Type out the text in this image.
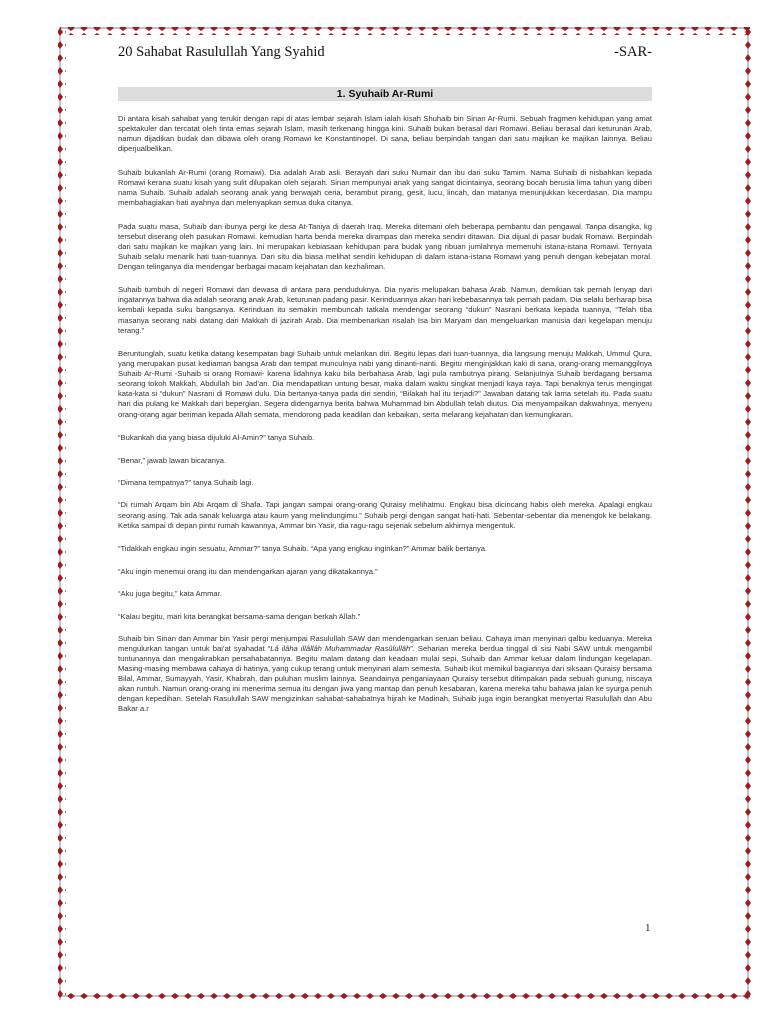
20 Sahabat Rasulullah Yang Syahid	-SAR-
1. Syuhaib Ar-Rumi

Di antara kisah sahabat yang terukir dengan rapi di atas lembar sejarah Islam ialah kisah Shuhaib bin Sinan Ar-Rumi. Sebuah fragmen kehidupan yang amat spektakuler dan tercatat oleh tinta emas sejarah Islam, masih terkenang hingga kini. Suhaib bukan berasal dari Romawi. Beliau berasal dari keturunan Arab, namun dijadikan budak dan dibawa oleh orang Romawi ke Konstantinopel. Di sana, beliau berpindah tangan dari satu majikan ke majikan lainnya. Beliau diperjualbelikan.

Suhaib bukanlah Ar-Rumi (orang Romawi). Dia adalah Arab asli. Berayah dari suku Numair dan ibu dari suku Tamim. Nama Suhaib di nisbahkan kepada Romawi kerana suatu kisah yang sulit dilupakan oleh sejarah. Sinan mempunyai anak yang sangat dicintainya, seorang bocah berusia lima tahun yang diberi nama Suhaib. Suhaib adalah seorang anak yang berwajah ceria, berambut pirang, gesit, lucu, lincah, dan matanya menunjukkan kecerdasan. Dia mampu membahagiakan hati ayahnya dan melenyapkan semua duka citanya.

Pada suatu masa, Suhaib dan ibunya pergi ke desa At-Taniya di daerah Iraq. Mereka ditemani oleh beberapa pembantu dan pengawal. Tanpa disangka, kg tersebut diserang oleh pasukan Romawi. kemudian harta benda mereka dirampas dan mereka sendiri ditawan. Dia dijual di pasar budak Romawi. Berpindah dari satu majikan ke majikan yang lain. Ini merupakan kebiasaan kehidupan para budak yang ribuan jumlahnya memenuhi istana-istana Romawi. Ternyata Suhaib selalu menarik hati tuan-tuannya. Dari situ dia biasa melihat sendiri kehidupan di dalam istana-istana Romawi yang penuh dengan kebejatan moral. Dengan telinganya dia mendengar berbagai macam kejahatan dan kezhaliman.

Suhaib tumbuh di negeri Romawi dan dewasa di antara para penduduknya. Dia nyaris melupakan bahasa Arab. Namun, demikian tak pernah lenyap dari ingatannya bahwa dia adalah seorang anak Arab, keturunan padang pasir. Kerinduannya akan hari kebebasannya tak pernah padam. Dia selalu berharap bisa kembali kepada suku bangsanya. Kerinduan itu semakin membuncah tatkala mendengar seorang “dukun” Nasrani berkata kepada tuannya, “Telah tiba masanya seorang nabi datang dari Makkah di jazirah Arab. Dia membenarkan risalah Isa bin Maryam dan mengeluarkan manusia dari kegelapan menuju terang.”

Beruntunglah, suatu ketika datang kesempatan bagi Suhaib untuk melarikan diri. Begitu lepas dari tuan-tuannya, dia langsung menuju Makkah, Ummul Qura, yang merupakan pusat kediaman bangsa Arab dan tempat munculnya nabi yang dinanti-nanti. Begitu menginjakkan kaki di sana, orang-orang memanggilnya Suhaib Ar-Rumi -Suhaib si orang Romawi- karena lidahnya kaku bila berbahasa Arab, lagi pula rambutnya pirang. Selanjutnya Suhaib berdagang bersama seorang tokoh Makkah, Abdullah bin Jad’an. Dia mendapatkan untung besar, maka dalam waktu singkat menjadi kaya raya. Tapi benaknya terus mengingat kata-kata si “dukun” Nasrani di Romawi dulu. Dia bertanya-tanya pada diri sendiri, “Bilakah hal itu terjadi?” Jawaban datang tak lama setelah itu. Pada suatu hari dia pulang ke Makkah dari bepergian. Segera didengarnya berita bahwa Muhammad bin Abdullah telah diutus. Dia menyampaikan dakwahnya, menyeru orang-orang agar beriman kepada Allah semata, mendorong pada keadilan dan kebaikan, serta melarang kejahatan dan kemungkaran.

“Bukankah dia yang biasa dijuluki Al-Amin?” tanya Suhaib.

“Benar,” jawab lawan bicaranya.

“Dimana tempatnya?” tanya Suhaib lagi.

“Di rumah Arqam bin Abi Arqam di Shafa. Tapi jangan sampai orang-orang Quraisy melihatmu. Engkau bisa dicincang habis oleh mereka. Apalagi engkau seorang asing. Tak ada sanak keluarga atau kaum yang melindungimu.” Suhaib pergi dengan sangat hati-hati. Sebentar-sebentar dia menengok ke belakang. Ketika sampai di depan pintu rumah kawannya, Ammar bin Yasir, dia ragu-ragu sejenak sebelum akhirnya mengentuk.

“Tidakkah engkau ingin sesuatu, Ammar?” tanya Suhaib. “Apa yang engkau inginkan?” Ammar balik bertanya.

“Aku ingin menemui orang itu dan mendengarkan ajaran yang dikatakannya.”

“Aku juga begitu,” kata Ammar.

“Kalau begitu, mari kita berangkat bersama-sama dengan berkah Allah.”

Suhaib bin Sinan dan Ammar bin Yasir pergi menjumpai Rasulullah SAW dan mendengarkan seruan beliau. Cahaya iman menyinari qalbu keduanya. Mereka mengulurkan tangan untuk bai’at syahadat “Lâ ilâha illâllâh Muhammadar Rasûlullâh”. Seharian mereka berdua tinggal di sisi Nabi SAW untuk mengambil tuntunannya dan mengakrabkan persahabatannya. Begitu malam datang dan keadaan mulai sepi, Suhaib dan Ammar keluar dalam lindungan kegelapan. Masing-masing membawa cahaya di hatinya, yang cukup terang untuk menyinari alam semesta. Suhaib ikut memikul bagiannya dari siksaan Quraisy bersama Bilal, Ammar, Sumayyah, Yasir, Khabrah, dan puluhan muslim lainnya. Seandainya penganiayaan Quraisy tersebut ditimpakan pada sebuah gunung, niscaya akan runtuh. Namun orang-orang ini menerima semua itu dengan jiwa yang mantap dan penuh kesabaran, karena mereka tahu bahawa jalan ke syurga penuh dengan kepedihan. Setelah Rasulullah SAW mengizinkan sahabat-sahabatnya hijrah ke Madinah, Suhaib juga ingin berangkat menyertai Rasulullah dan Abu Bakar a.r

1
